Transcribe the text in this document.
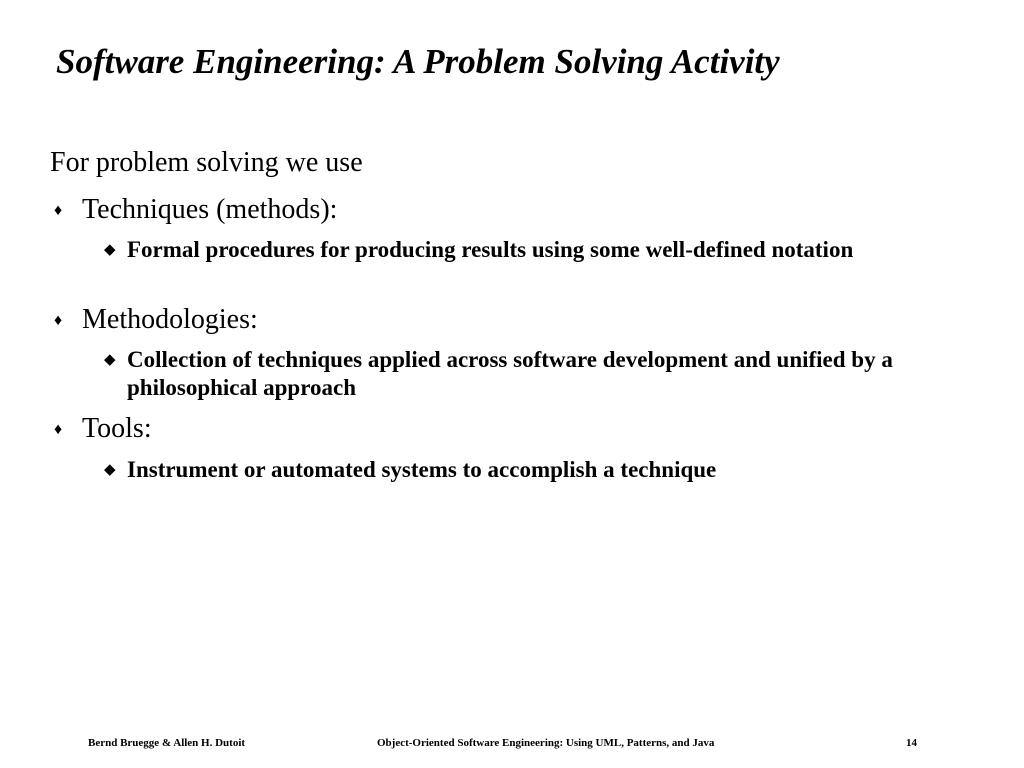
Software Engineering: A Problem Solving Activity
For problem solving we use
♦ Techniques (methods):
◆ Formal procedures for producing results using some well-defined notation
♦ Methodologies:
◆ Collection of techniques applied across software development and unified by a philosophical approach
♦ Tools:
◆ Instrument or automated systems to accomplish a technique
Bernd Bruegge & Allen H. Dutoit	Object-Oriented Software Engineering: Using UML, Patterns, and Java	14
